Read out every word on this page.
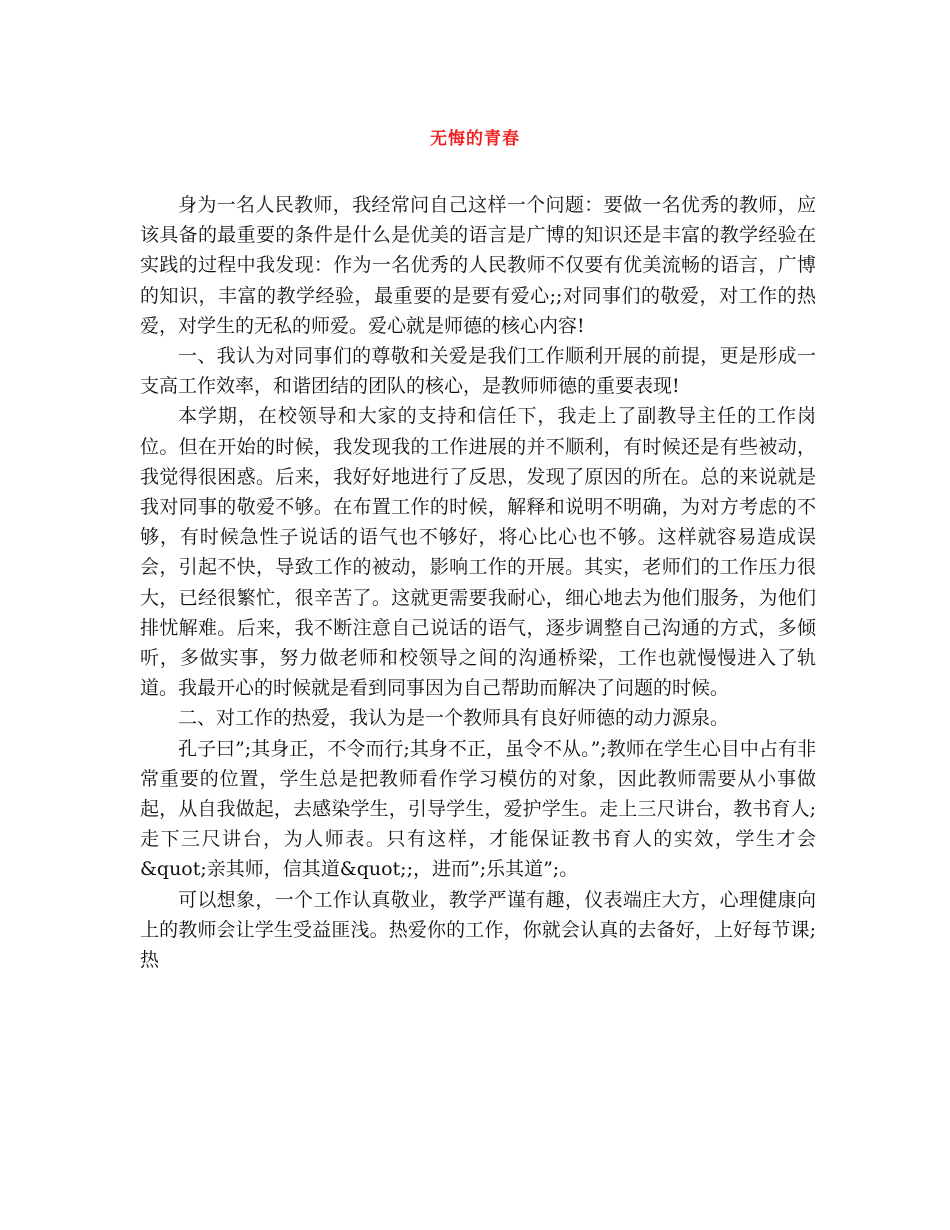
无悔的青春

身为一名人民教师，我经常问自己这样一个问题：要做一名优秀的教师，应该具备的最重要的条件是什么是优美的语言是广博的知识还是丰富的教学经验在实践的过程中我发现：作为一名优秀的人民教师不仅要有优美流畅的语言，广博的知识，丰富的教学经验，最重要的是要有爱心;;对同事们的敬爱，对工作的热爱，对学生的无私的师爱。爱心就是师德的核心内容!

一、我认为对同事们的尊敬和关爱是我们工作顺利开展的前提，更是形成一支高工作效率，和谐团结的团队的核心，是教师师德的重要表现!

本学期，在校领导和大家的支持和信任下，我走上了副教导主任的工作岗位。但在开始的时候，我发现我的工作进展的并不顺利，有时候还是有些被动，我觉得很困惑。后来，我好好地进行了反思，发现了原因的所在。总的来说就是我对同事的敬爱不够。在布置工作的时候，解释和说明不明确，为对方考虑的不够，有时候急性子说话的语气也不够好，将心比心也不够。这样就容易造成误会，引起不快，导致工作的被动，影响工作的开展。其实，老师们的工作压力很大，已经很繁忙，很辛苦了。这就更需要我耐心，细心地去为他们服务，为他们排忧解难。后来，我不断注意自己说话的语气，逐步调整自己沟通的方式，多倾听，多做实事，努力做老师和校领导之间的沟通桥梁，工作也就慢慢进入了轨道。我最开心的时候就是看到同事因为自己帮助而解决了问题的时候。

二、对工作的热爱，我认为是一个教师具有良好师德的动力源泉。

孔子曰”;其身正，不令而行;其身不正，虽令不从。”;教师在学生心目中占有非常重要的位置，学生总是把教师看作学习模仿的对象，因此教师需要从小事做起，从自我做起，去感染学生，引导学生，爱护学生。走上三尺讲台，教书育人;走下三尺讲台，为人师表。只有这样，才能保证教书育人的实效，学生才会&quot;亲其师，信其道&quot;;，进而”;乐其道”;。

可以想象，一个工作认真敬业，教学严谨有趣，仪表端庄大方，心理健康向上的教师会让学生受益匪浅。热爱你的工作，你就会认真的去备好，上好每节课;热
